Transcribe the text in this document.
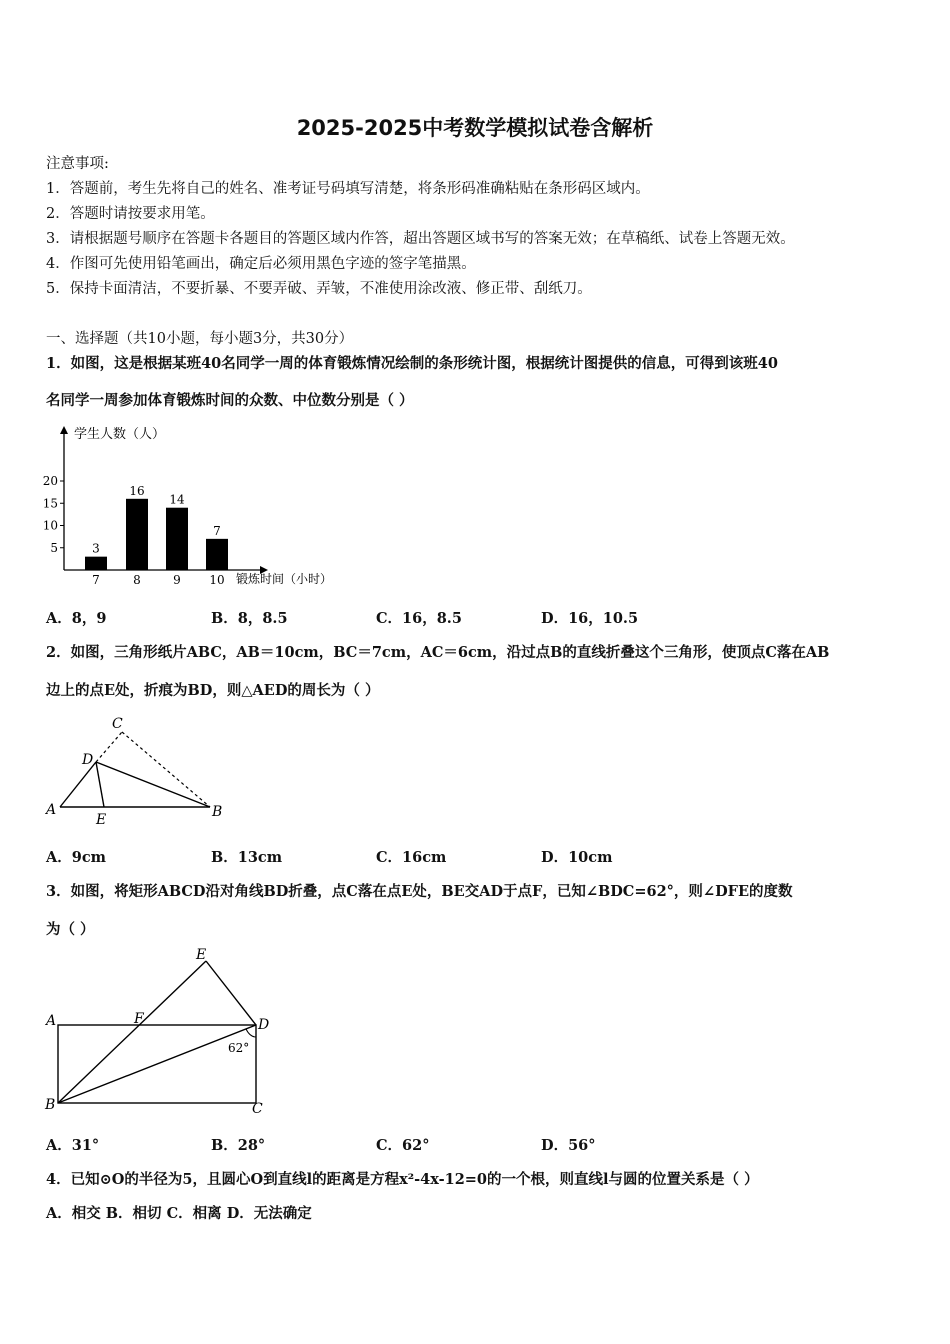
2025-2025中考数学模拟试卷含解析
注意事项:
1．答题前，考生先将自己的姓名、准考证号码填写清楚，将条形码准确粘贴在条形码区域内。
2．答题时请按要求用笔。
3．请根据题号顺序在答题卡各题目的答题区域内作答，超出答题区域书写的答案无效；在草稿纸、试卷上答题无效。
4．作图可先使用铅笔画出，确定后必须用黑色字迹的签字笔描黑。
5．保持卡面清洁，不要折暴、不要弄破、弄皱，不准使用涂改液、修正带、刮纸刀。
一、选择题（共10小题，每小题3分，共30分）
1．如图，这是根据某班40名同学一周的体育锻炼情况绘制的条形统计图，根据统计图提供的信息，可得到该班40
名同学一周参加体育锻炼时间的众数、中位数分别是（ ）
5
10
15
20
3
7
16
8
14
9
7
10
学生人数（人）
锻炼时间（小时）
A．8，9	B．8，8.5	C．16，8.5	D．16，10.5
2．如图，三角形纸片ABC，AB＝10cm，BC＝7cm，AC＝6cm，沿过点B的直线折叠这个三角形，使顶点C落在AB
边上的点E处，折痕为BD，则△AED的周长为（ ）
C
D
A
E	B
A．9cm	B．13cm	C．16cm	D．10cm
3．如图，将矩形ABCD沿对角线BD折叠，点C落在点E处，BE交AD于点F，已知∠BDC=62°，则∠DFE的度数
为（ ）
E
A	F	D
62°
B	C
A．31°	B．28°	C．62°	D．56°
4．已知⊙O的半径为5，且圆心O到直线l的距离是方程x²-4x-12=0的一个根，则直线l与圆的位置关系是（ ）
A．相交 B．相切 C．相离 D．无法确定
